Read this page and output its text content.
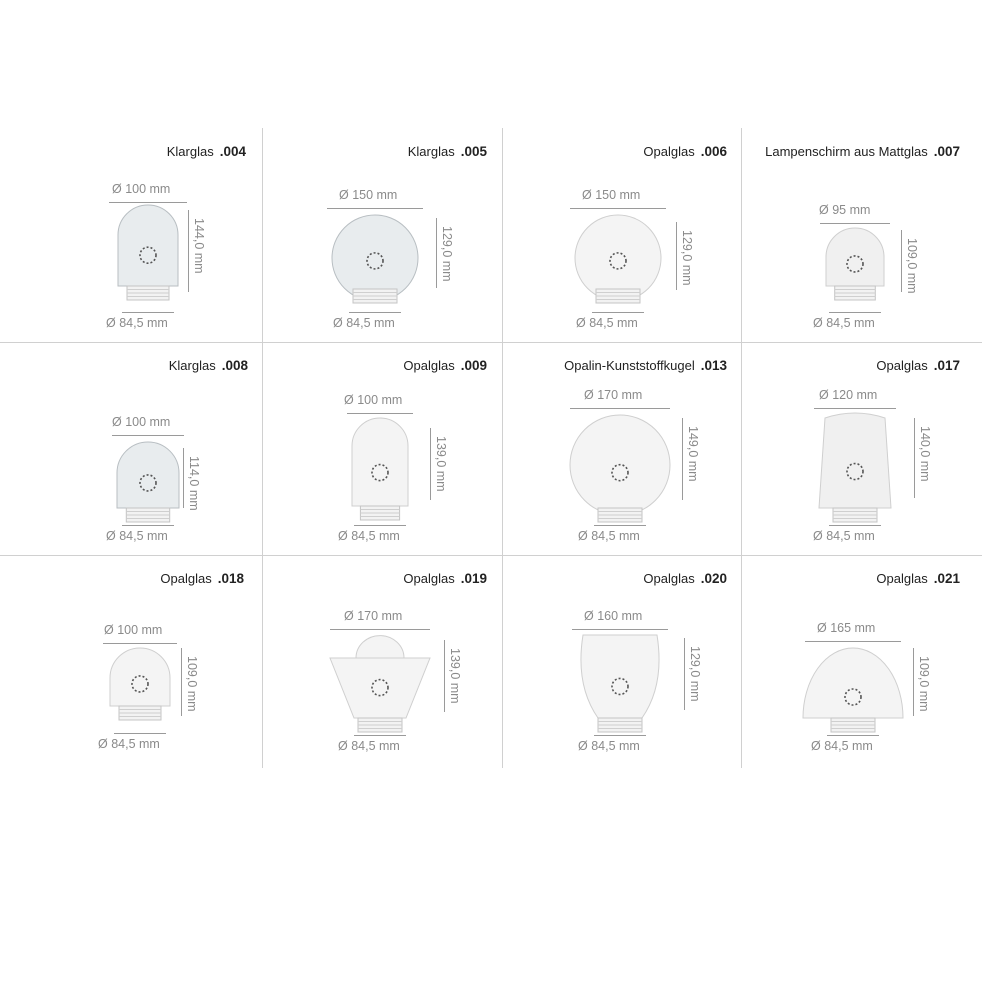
Klarglas .004
Ø 100 mm
144,0 mm
Ø 84,5 mm
Klarglas .005
Ø 150 mm
129,0 mm
Ø 84,5 mm
Opalglas .006
Ø 150 mm
129,0 mm
Ø 84,5 mm
Lampenschirm aus Mattglas .007
Ø 95 mm
109,0 mm
Ø 84,5 mm
Klarglas .008
Ø 100 mm
114,0 mm
Ø 84,5 mm
Opalglas .009
Ø 100 mm
139,0 mm
Ø 84,5 mm
Opalin-Kunststoffkugel .013
Ø 170 mm
149,0 mm
Ø 84,5 mm
Opalglas .017
Ø 120 mm
140,0 mm
Ø 84,5 mm
Opalglas .018
Ø 100 mm
109,0 mm
Ø 84,5 mm
Opalglas .019
Ø 170 mm
139,0 mm
Ø 84,5 mm
Opalglas .020
Ø 160 mm
129,0 mm
Ø 84,5 mm
Opalglas .021
Ø 165 mm
109,0 mm
Ø 84,5 mm
